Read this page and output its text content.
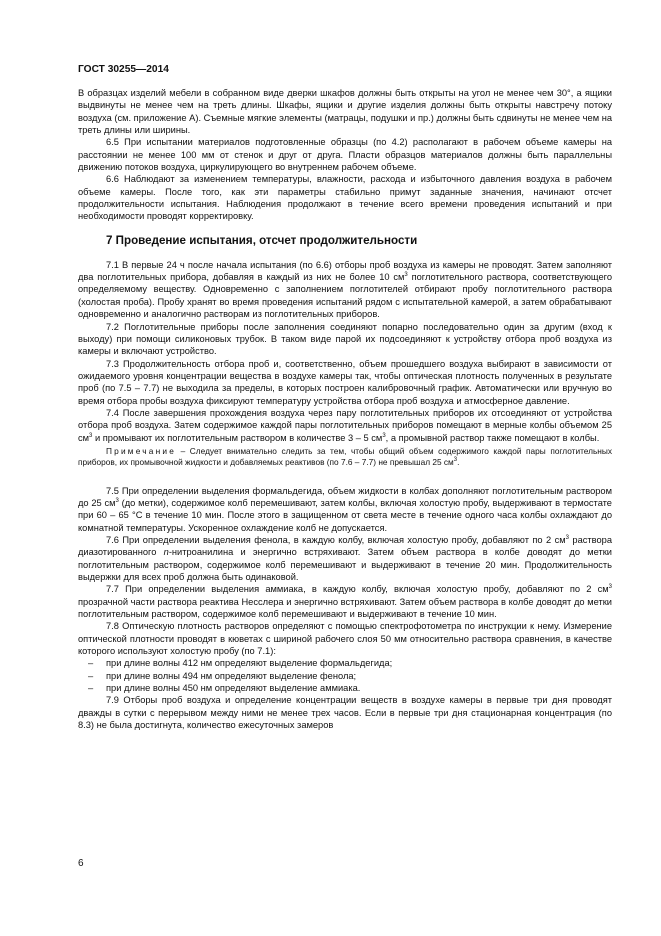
ГОСТ 30255—2014

В образцах изделий мебели в собранном виде дверки шкафов должны быть открыты на угол не менее чем 30°, а ящики выдвинуты не менее чем на треть длины. Шкафы, ящики и другие изделия должны быть открыты навстречу потоку воздуха (см. приложение А). Съемные мягкие элементы (матрацы, подушки и пр.) должны быть сдвинуты не менее чем на треть длины или ширины.

6.5 При испытании материалов подготовленные образцы (по 4.2) располагают в рабочем объеме камеры на расстоянии не менее 100 мм от стенок и друг от друга. Пласти образцов материалов должны быть параллельны движению потоков воздуха, циркулирующего во внутреннем рабочем объеме.

6.6 Наблюдают за изменением температуры, влажности, расхода и избыточного давления воздуха в рабочем объеме камеры. После того, как эти параметры стабильно примут заданные значения, начинают отсчет продолжительности испытания. Наблюдения продолжают в течение всего времени проведения испытаний и при необходимости проводят корректировку.

7 Проведение испытания, отсчет продолжительности

7.1 В первые 24 ч после начала испытания (по 6.6) отборы проб воздуха из камеры не проводят. Затем заполняют два поглотительных прибора, добавляя в каждый из них не более 10 $см^3$ поглотительного раствора, соответствующего определяемому веществу. Одновременно с заполнением поглотителей отбирают пробу поглотительного раствора (холостая проба). Пробу хранят во время проведения испытаний рядом с испытательной камерой, а затем обрабатывают одновременно и аналогично растворам из поглотительных приборов.

7.2 Поглотительные приборы после заполнения соединяют попарно последовательно один за другим (вход к выходу) при помощи силиконовых трубок. В таком виде парой их подсоединяют к устройству отбора проб воздуха из камеры и включают устройство.

7.3 Продолжительность отбора проб и, соответственно, объем прошедшего воздуха выбирают в зависимости от ожидаемого уровня концентрации вещества в воздухе камеры так, чтобы оптическая плотность полученных в результате проб (по 7.5 – 7.7) не выходила за пределы, в которых построен калибровочный график. Автоматически или вручную во время отбора пробы воздуха фиксируют температуру устройства отбора проб воздуха и атмосферное давление.

7.4 После завершения прохождения воздуха через пару поглотительных приборов их отсоединяют от устройства отбора проб воздуха. Затем содержимое каждой пары поглотительных приборов помещают в мерные колбы объемом 25 $см^3$ и промывают их поглотительным раствором в количестве 3 – 5 $см^3$, а промывной раствор также помещают в колбы.

Примечание – Следует внимательно следить за тем, чтобы общий объем содержимого каждой пары поглотительных приборов, их промывочной жидкости и добавляемых реактивов (по 7.6 – 7.7) не превышал 25 $см^3$.

7.5 При определении выделения формальдегида, объем жидкости в колбах дополняют поглотительным раствором до 25 $см^3$ (до метки), содержимое колб перемешивают, затем колбы, включая холостую пробу, выдерживают в термостате при 60 – 65 °С в течение 10 мин. После этого в защищенном от света месте в течение одного часа колбы охлаждают до комнатной температуры. Ускоренное охлаждение колб не допускается.

7.6 При определении выделения фенола, в каждую колбу, включая холостую пробу, добавляют по 2 $см^3$ раствора диазотированного n-нитроанилина и энергично встряхивают. Затем объем раствора в колбе доводят до метки поглотительным раствором, содержимое колб перемешивают и выдерживают в течение 20 мин. Продолжительность выдержки для всех проб должна быть одинаковой.

7.7 При определении выделения аммиака, в каждую колбу, включая холостую пробу, добавляют по 2 $см^3$ прозрачной части раствора реактива Несслера и энергично встряхивают. Затем объем раствора в колбе доводят до метки поглотительным раствором, содержимое колб перемешивают и выдерживают в течение 10 мин.

7.8 Оптическую плотность растворов определяют с помощью спектрофотометра по инструкции к нему. Измерение оптической плотности проводят в кюветах с шириной рабочего слоя 50 мм относительно раствора сравнения, в качестве которого используют холостую пробу (по 7.1):

– при длине волны 412 нм определяют выделение формальдегида;
– при длине волны 494 нм определяют выделение фенола;
– при длине волны 450 нм определяют выделение аммиака.

7.9 Отборы проб воздуха и определение концентрации веществ в воздухе камеры в первые три дня проводят дважды в сутки с перерывом между ними не менее трех часов. Если в первые три дня стационарная концентрация (по 8.3) не была достигнута, количество ежесуточных замеров

6
